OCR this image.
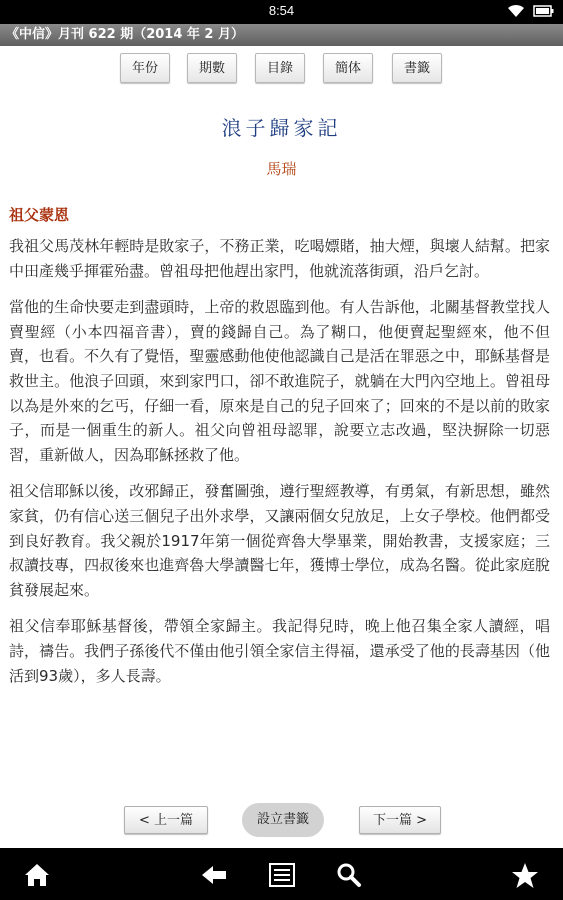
8:54
《中信》月刊 622 期（2014 年 2 月）
年份	期數	目錄	簡体	書籤
浪子歸家記
馬瑞
祖父蒙恩

我祖父馬茂林年輕時是敗家子，不務正業，吃喝嫖賭，抽大煙，與壞人結幫。把家中田產幾乎揮霍殆盡。曾祖母把他趕出家門，他就流落街頭，沿戶乞討。

當他的生命快要走到盡頭時，上帝的救恩臨到他。有人告訴他，北關基督教堂找人賣聖經（小本四福音書），賣的錢歸自己。為了糊口，他便賣起聖經來，他不但賣，也看。不久有了覺悟，聖靈感動他使他認識自己是活在罪惡之中，耶穌基督是救世主。他浪子回頭，來到家門口，卻不敢進院子，就躺在大門內空地上。曾祖母以為是外來的乞丐，仔細一看，原來是自己的兒子回來了；回來的不是以前的敗家子，而是一個重生的新人。祖父向曾祖母認罪，說要立志改過，堅決摒除一切惡習，重新做人，因為耶穌拯救了他。

祖父信耶穌以後，改邪歸正，發奮圖強，遵行聖經教導，有勇氣，有新思想，雖然家貧，仍有信心送三個兒子出外求學，又讓兩個女兒放足，上女子學校。他們都受到良好教育。我父親於1917年第一個從齊魯大學畢業，開始教書，支援家庭；三叔讀技專，四叔後來也進齊魯大學讀醫七年，獲博士學位，成為名醫。從此家庭脫貧發展起來。

祖父信奉耶穌基督後，帶領全家歸主。我記得兒時，晚上他召集全家人讀經，唱詩，禱告。我們子孫後代不僅由他引領全家信主得福，還承受了他的長壽基因（他活到93歲），多人長壽。

< 上一篇	設立書籤	下一篇 >
